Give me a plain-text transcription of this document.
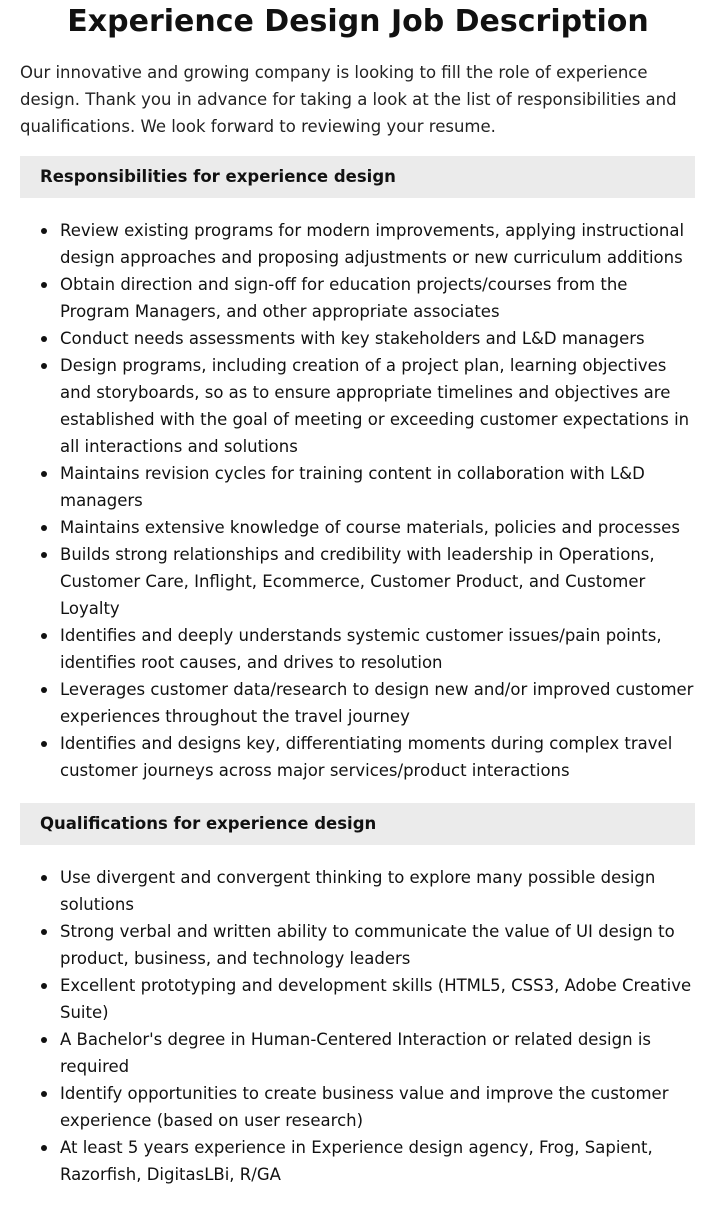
Experience Design Job Description

Our innovative and growing company is looking to fill the role of experience design. Thank you in advance for taking a look at the list of responsibilities and qualifications. We look forward to reviewing your resume.

Responsibilities for experience design
Review existing programs for modern improvements, applying instructional design approaches and proposing adjustments or new curriculum additions
Obtain direction and sign-off for education projects/courses from the Program Managers, and other appropriate associates
Conduct needs assessments with key stakeholders and L&D managers
Design programs, including creation of a project plan, learning objectives and storyboards, so as to ensure appropriate timelines and objectives are established with the goal of meeting or exceeding customer expectations in all interactions and solutions
Maintains revision cycles for training content in collaboration with L&D managers
Maintains extensive knowledge of course materials, policies and processes
Builds strong relationships and credibility with leadership in Operations, Customer Care, Inflight, Ecommerce, Customer Product, and Customer Loyalty
Identifies and deeply understands systemic customer issues/pain points, identifies root causes, and drives to resolution
Leverages customer data/research to design new and/or improved customer experiences throughout the travel journey
Identifies and designs key, differentiating moments during complex travel customer journeys across major services/product interactions
Qualifications for experience design
Use divergent and convergent thinking to explore many possible design solutions
Strong verbal and written ability to communicate the value of UI design to product, business, and technology leaders
Excellent prototyping and development skills (HTML5, CSS3, Adobe Creative Suite)
A Bachelor's degree in Human-Centered Interaction or related design is required
Identify opportunities to create business value and improve the customer experience (based on user research)
At least 5 years experience in Experience design agency, Frog, Sapient, Razorfish, DigitasLBi, R/GA
